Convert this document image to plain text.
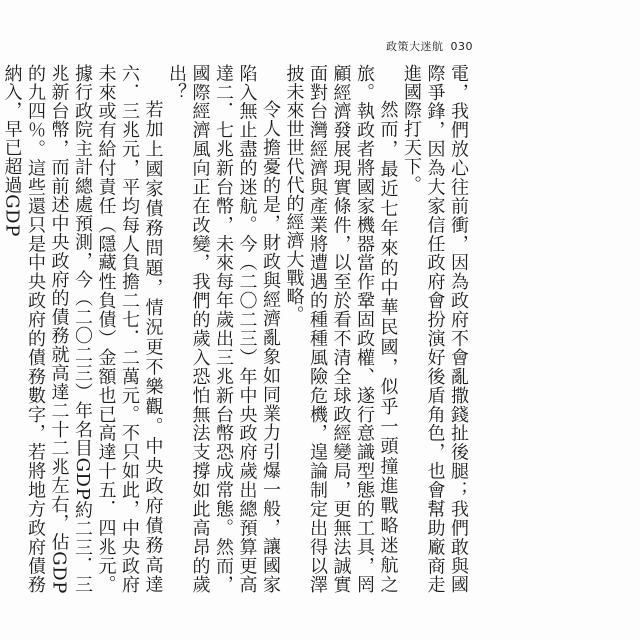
政策大迷航 030

電，我們放心往前衝，因為政府不會亂撒錢扯後腿；我們敢與國際爭鋒，因為大家信任政府會扮演好後盾角色，也會幫助廠商走進國際打天下。

然而，最近七年來的中華民國，似乎一頭撞進戰略迷航之旅。執政者將國家機器當作鞏固政權、遂行意識型態的工具，罔顧經濟發展現實條件，以至於看不清全球政經變局，更無法誠實面對台灣經濟與產業將遭遇的種種風險危機，遑論制定出得以澤披未來世世代代的經濟大戰略。

令人擔憂的是，財政與經濟亂象如同業力引爆一般，讓國家陷入無止盡的迷航。今（二〇二三）年中央政府歲出總預算更高達二．七兆新台幣，未來每年歲出三兆新台幣恐成常態。然而，國際經濟風向正在改變，我們的歲入恐怕無法支撐如此高昂的歲出？

若加上國家債務問題，情況更不樂觀。中央政府債務高達六．三兆元，平均每人負擔二七．二萬元。不只如此，中央政府未來或有給付責任（隱藏性負債）金額也已高達十五．四兆元。據行政院主計總處預測，今（二〇二三）年名目GDP約二三．三兆新台幣，而前述中央政府的債務就高達二十二兆左右，佔GDP的九四％。這些還只是中央政府的債務數字，若將地方政府債務納入，早已超過GDP
